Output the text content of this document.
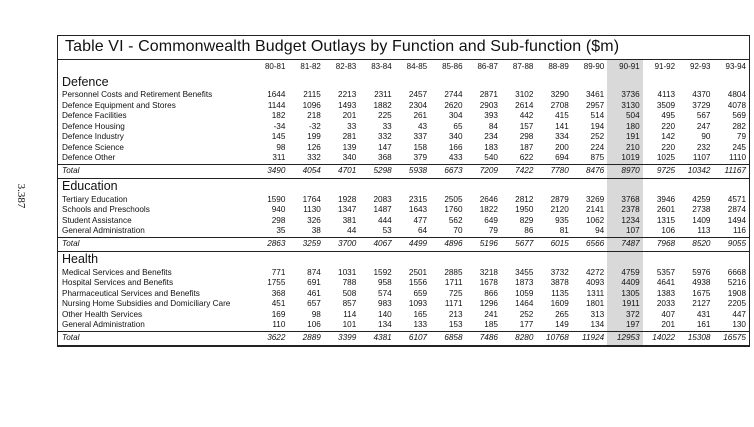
3.387
Table VI - Commonwealth Budget Outlays by Function and Sub-function ($m)
	80-81	81-82	82-83	83-84	84-85	85-86	86-87	87-88	88-89	89-90	90-91	91-92	92-93	93-94
Defence														
Personnel Costs and Retirement Benefits	1644	2115	2213	2311	2457	2744	2871	3102	3290	3461	3736	4113	4370	4804
Defence Equipment and Stores	1144	1096	1493	1882	2304	2620	2903	2614	2708	2957	3130	3509	3729	4078
Defence Facilities	182	218	201	225	261	304	393	442	415	514	504	495	567	569
Defence Housing	-34	-32	33	33	43	65	84	157	141	194	180	220	247	282
Defence Industry	145	199	281	332	337	340	234	298	334	252	191	142	90	79
Defence Science	98	126	139	147	158	166	183	187	200	224	210	220	232	245
Defence Other	311	332	340	368	379	433	540	622	694	875	1019	1025	1107	1110
Total	3490	4054	4701	5298	5938	6673	7209	7422	7780	8476	8970	9725	10342	11167
Education														
Tertiary Education	1590	1764	1928	2083	2315	2505	2646	2812	2879	3269	3768	3946	4259	4571
Schools and Preschools	940	1130	1347	1487	1643	1760	1822	1950	2120	2141	2378	2601	2738	2874
Student Assistance	298	326	381	444	477	562	649	829	935	1062	1234	1315	1409	1494
General Administration	35	38	44	53	64	70	79	86	81	94	107	106	113	116
Total	2863	3259	3700	4067	4499	4896	5196	5677	6015	6566	7487	7968	8520	9055
Health														
Medical Services and Benefits	771	874	1031	1592	2501	2885	3218	3455	3732	4272	4759	5357	5976	6668
Hospital Services and Benefits	1755	691	788	958	1556	1711	1678	1873	3878	4093	4409	4641	4938	5216
Pharmaceutical Services and Benefits	368	461	508	574	659	725	866	1059	1135	1311	1305	1383	1675	1908
Nursing Home Subsidies and Domiciliary Care	451	657	857	983	1093	1171	1296	1464	1609	1801	1911	2033	2127	2205
Other Health Services	169	98	114	140	165	213	241	252	265	313	372	407	431	447
General Administration	110	106	101	134	133	153	185	177	149	134	197	201	161	130
Total	3622	2889	3399	4381	6107	6858	7486	8280	10768	11924	12953	14022	15308	16575
